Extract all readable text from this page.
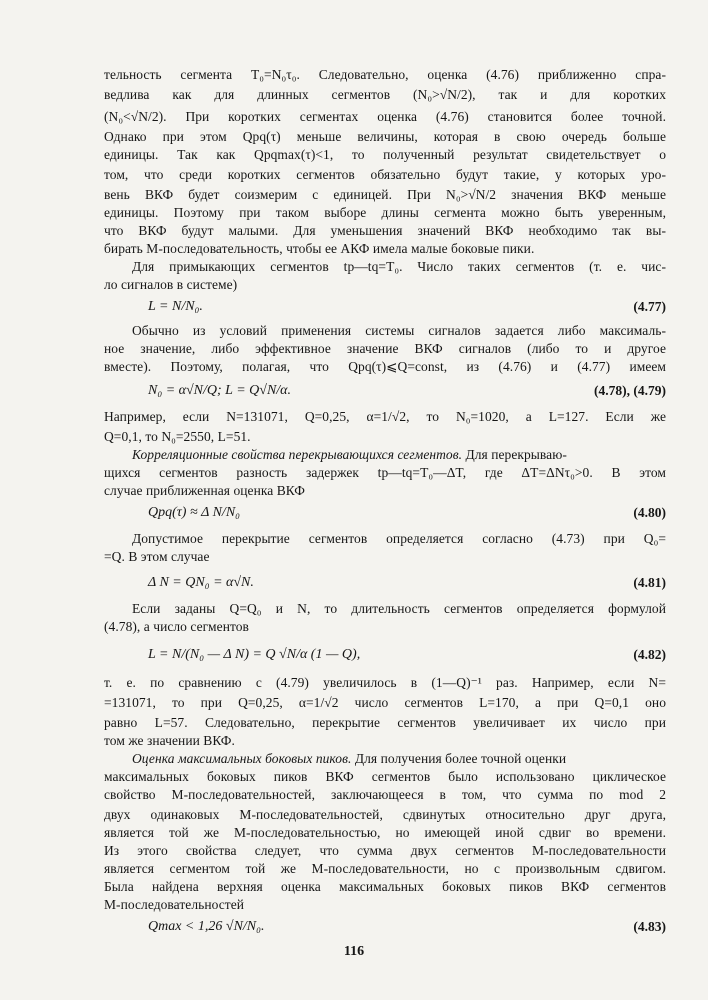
тельность сегмента T₀=N₀τ₀. Следовательно, оценка (4.76) приближенно спра-
ведлива как для длинных сегментов (N₀>√N/2), так и для коротких
(N₀<√N/2). При коротких сегментах оценка (4.76) становится более точной.
Однако при этом Qpq(τ) меньше величины, которая в свою очередь больше
единицы. Так как Qpqmax(τ)<1, то полученный результат свидетельствует о
том, что среди коротких сегментов обязательно будут такие, у которых уро-
вень ВКФ будет соизмерим с единицей. При N₀>√N/2 значения ВКФ меньше
единицы. Поэтому при таком выборе длины сегмента можно быть уверенным,
что ВКФ будут малыми. Для уменьшения значений ВКФ необходимо так вы-
бирать M-последовательность, чтобы ее АКФ имела малые боковые пики.
Для примыкающих сегментов tp—tq=T₀. Число таких сегментов (т. е. чис-
ло сигналов в системе)
L = N/N₀.	(4.77)
Обычно из условий применения системы сигналов задается либо максималь-
ное значение, либо эффективное значение ВКФ сигналов (либо то и другое
вместе). Поэтому, полагая, что Qpq(τ)⩽Q=const, из (4.76) и (4.77) имеем
N₀ = α√N/Q; L = Q√N/α.	(4.78), (4.79)
Например, если N=131071, Q=0,25, α=1/√2, то N₀=1020, а L=127. Если же
Q=0,1, то N₀=2550, L=51.
Корреляционные свойства перекрывающихся сегментов. Для перекрываю-
щихся сегментов разность задержек tp—tq=T₀—ΔT, где ΔT=ΔNτ₀>0. В этом
случае приближенная оценка ВКФ
Qpq(τ) ≈ Δ N/N₀	(4.80)
Допустимое перекрытие сегментов определяется согласно (4.73) при Q₀=
=Q. В этом случае
Δ N = QN₀ = α√N.	(4.81)
Если заданы Q=Q₀ и N, то длительность сегментов определяется формулой
(4.78), а число сегментов
L = N/(N₀ — Δ N) = Q √N/α (1 — Q),	(4.82)
т. е. по сравнению с (4.79) увеличилось в (1—Q)⁻¹ раз. Например, если N=
=131071, то при Q=0,25, α=1/√2 число сегментов L=170, а при Q=0,1 оно
равно L=57. Следовательно, перекрытие сегментов увеличивает их число при
том же значении ВКФ.
Оценка максимальных боковых пиков. Для получения более точной оценки
максимальных боковых пиков ВКФ сегментов было использовано циклическое
свойство M-последовательностей, заключающееся в том, что сумма по mod 2
двух одинаковых M-последовательностей, сдвинутых относительно друг друга,
является той же M-последовательностью, но имеющей иной сдвиг во времени.
Из этого свойства следует, что сумма двух сегментов M-последовательности
является сегментом той же M-последовательности, но с произвольным сдвигом.
Была найдена верхняя оценка максимальных боковых пиков ВКФ сегментов
M-последовательностей
Qmax < 1,26 √N/N₀.	(4.83)
116
